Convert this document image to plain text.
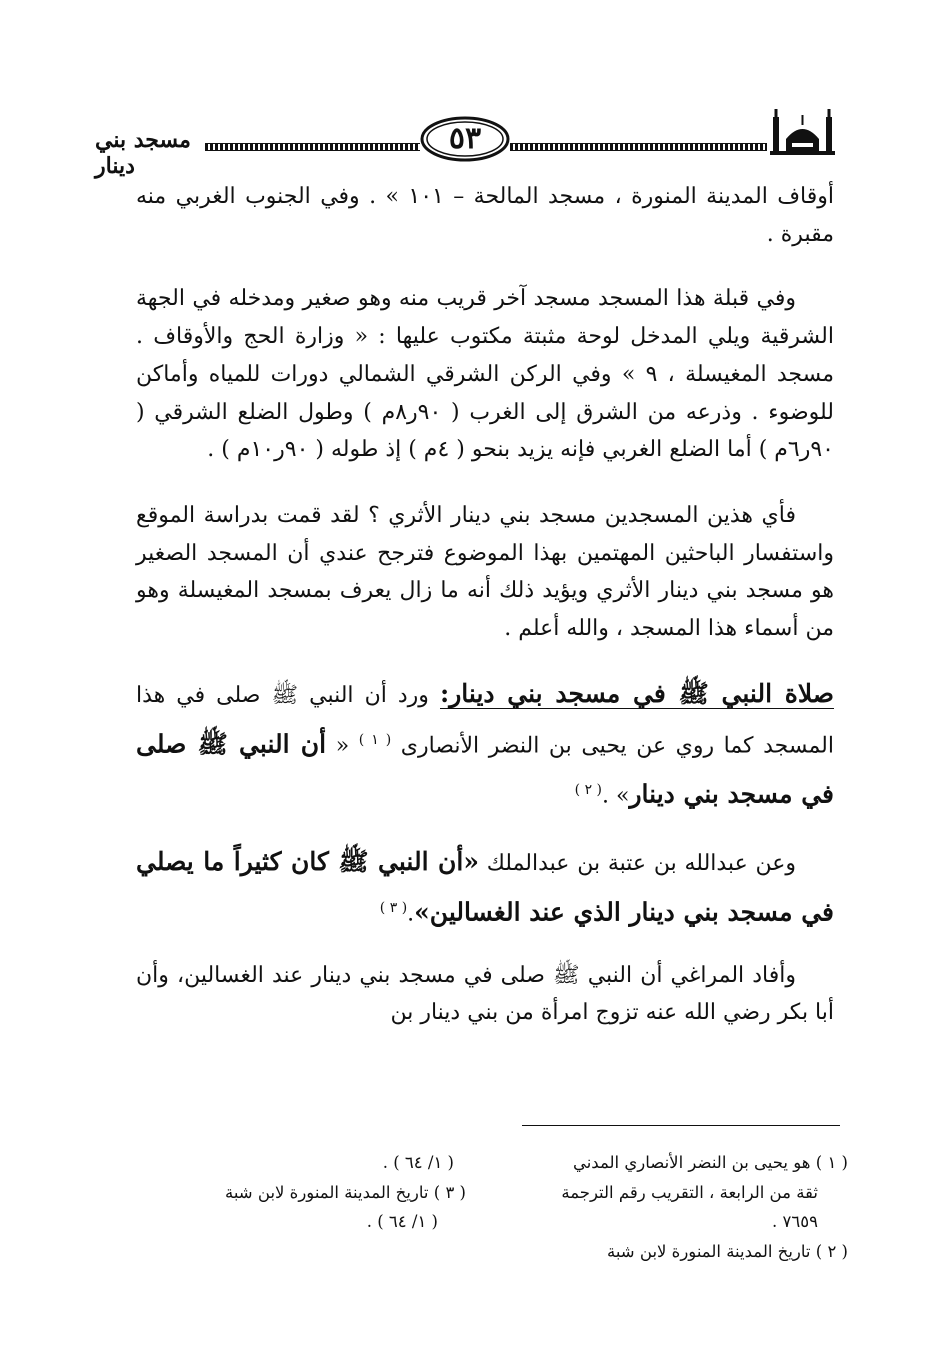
مسجد بني دينار
٥٣

أوقاف المدينة المنورة ، مسجد المالحة – ١٠١ » . وفي الجنوب الغربي منه مقبرة .

وفي قبلة هذا المسجد مسجد آخر قريب منه وهو صغير ومدخله في الجهة الشرقية ويلي المدخل لوحة مثبتة مكتوب عليها : « وزارة الحج والأوقاف . مسجد المغيسلة ، ٩ » وفي الركن الشرقي الشمالي دورات للمياه وأماكن للوضوء . وذرعه من الشرق إلى الغرب ( ٩٠ر٨م ) وطول الضلع الشرقي ( ٩٠ر٦م ) أما الضلع الغربي فإنه يزيد بنحو ( ٤م ) إذ طوله ( ٩٠ر١٠م ) .

فأي هذين المسجدين مسجد بني دينار الأثري ؟ لقد قمت بدراسة الموقع واستفسار الباحثين المهتمين بهذا الموضوع فترجح عندي أن المسجد الصغير هو مسجد بني دينار الأثري ويؤيد ذلك أنه ما زال يعرف بمسجد المغيسلة وهو من أسماء هذا المسجد ، والله أعلم .

صلاة النبي ﷺ في مسجد بني دينار: ورد أن النبي ﷺ صلى في هذا المسجد كما روي عن يحيى بن النضر الأنصارى $^{( ١ )}$ « أن النبي ﷺ صلى في مسجد بني دينار» .$^{( ٢ )}$

وعن عبدالله بن عتبة بن عبدالملك «أن النبي ﷺ كان كثيراً ما يصلي في مسجد بني دينار الذي عند الغسالين».$^{( ٣ )}$

وأفاد المراغي أن النبي ﷺ صلى في مسجد بني دينار عند الغسالين، وأن أبا بكر رضي الله عنه تزوج امرأة من بني دينار بن

( ١ ) هو يحيى بن النضر الأنصاري المدني

ثقة من الرابعة ، التقريب رقم الترجمة

٧٦٥٩ .

( ٢ ) تاريخ المدينة المنورة لابن شبة

( ١/ ٦٤ ) .

( ٣ ) تاريخ المدينة المنورة لابن شبة

( ١/ ٦٤ ) .
